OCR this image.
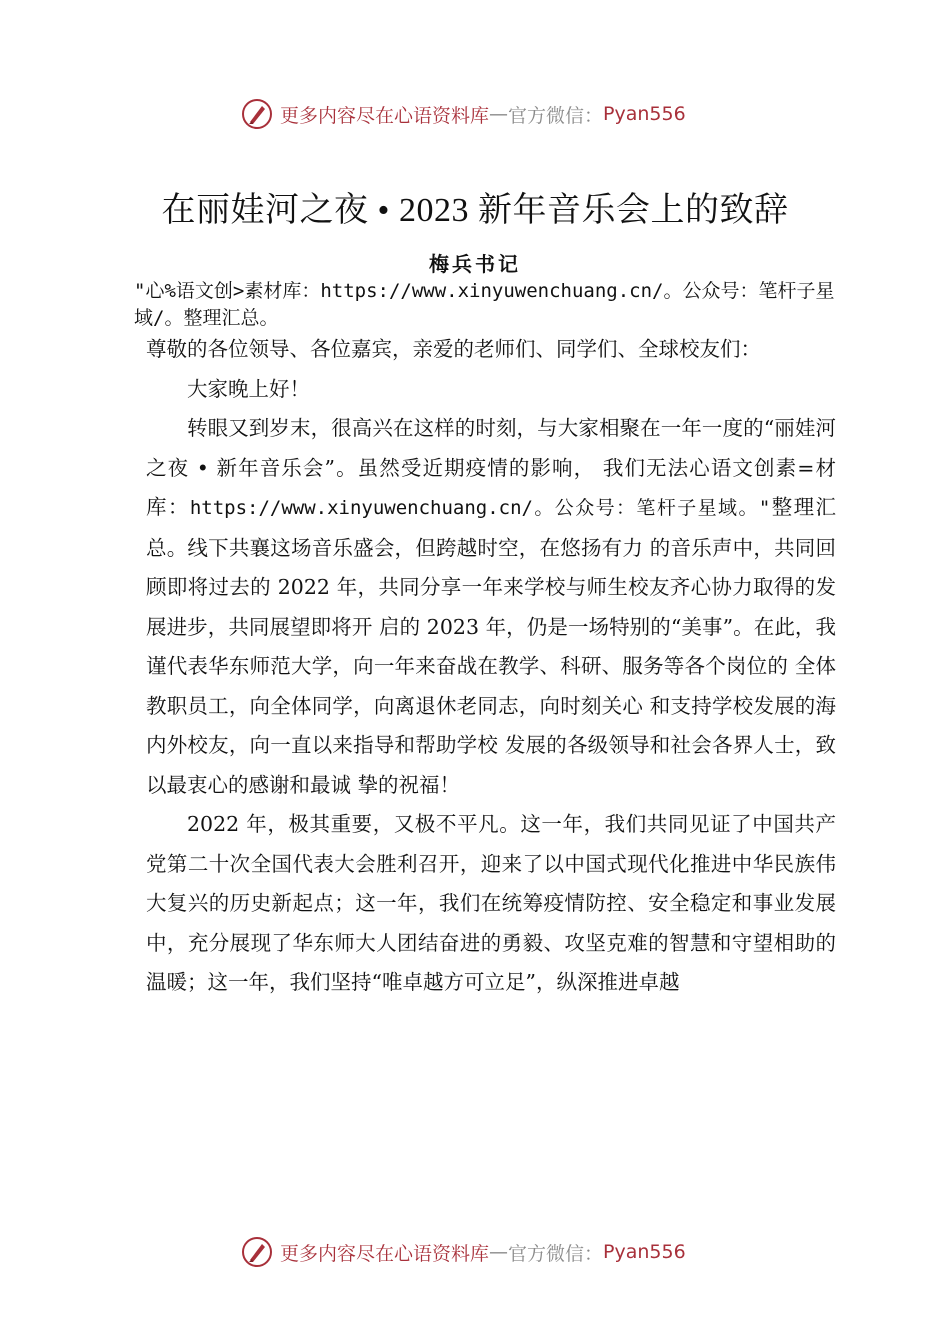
更多内容尽在心语资料库 — 官方微信： Pyan556
在丽娃河之夜 • 2023 新年音乐会上的致辞
梅兵书记
"心%语文创>素材库：https://www.xinyuwenchuang.cn/。公众号：笔杆子星域/。整理汇总。

尊敬的各位领导、各位嘉宾，亲爱的老师们、同学们、全球校友们：

大家晚上好！

转眼又到岁末，很高兴在这样的时刻，与大家相聚在一年一度的“丽娃河之夜 • 新年音乐会”。虽然受近期疫情的影响， 我们无法心语文创素=材库：https://www.xinyuwenchuang.cn/。公众号：笔杆子星域。"整理汇总。线下共襄这场音乐盛会，但跨越时空，在悠扬有力 的音乐声中，共同回顾即将过去的 2022 年，共同分享一年来学校与师生校友齐心协力取得的发展进步，共同展望即将开 启的 2023 年，仍是一场特别的“美事”。在此，我谨代表华东师范大学，向一年来奋战在教学、科研、服务等各个岗位的 全体教职员工，向全体同学，向离退休老同志，向时刻关心 和支持学校发展的海内外校友，向一直以来指导和帮助学校 发展的各级领导和社会各界人士，致以最衷心的感谢和最诚 挚的祝福！

2022 年，极其重要，又极不平凡。这一年，我们共同见证了中国共产党第二十次全国代表大会胜利召开，迎来了以中国式现代化推进中华民族伟大复兴的历史新起点；这一年，我们在统筹疫情防控、安全稳定和事业发展中，充分展现了华东师大人团结奋进的勇毅、攻坚克难的智慧和守望相助的温暖；这一年，我们坚持“唯卓越方可立足”，纵深推进卓越

更多内容尽在心语资料库 — 官方微信： Pyan556
